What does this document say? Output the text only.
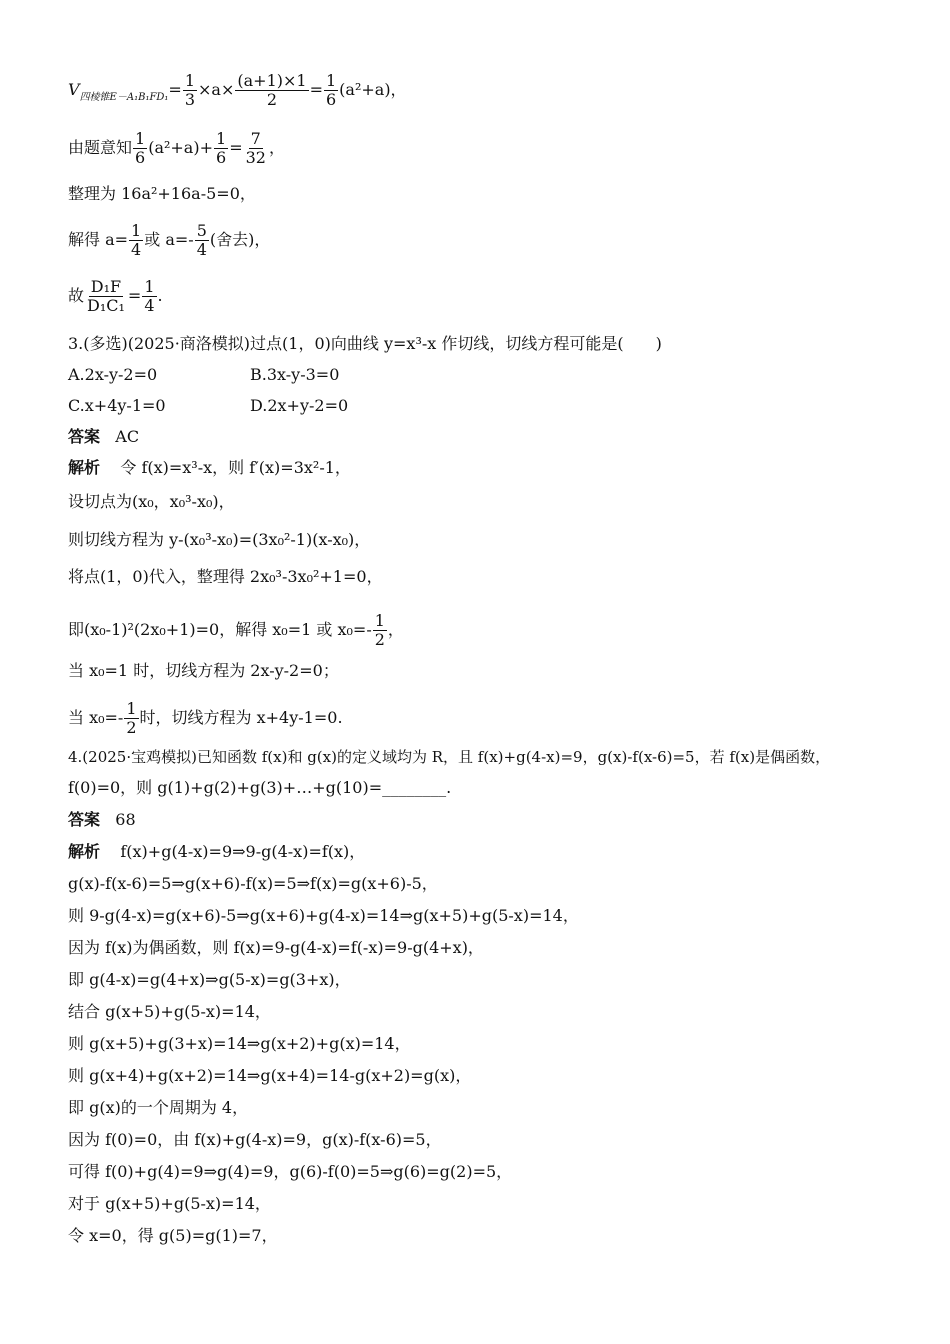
$V_{四棱锥E-A_1B_1FD_1}= \frac{1}{3} \times a\times \frac{(a+1)\times 1}{2} = \frac{1}{6} (a^2+a)$，
由题意知 $\frac{1}{6} (a^2+a)+ \frac{1}{6} = \frac{7}{32}$ ，
整理为 16a²+16a-5=0，
解得 $a= \frac{1}{4}$ 或 $a=- \frac{5}{4}$ (舍去)，
故 $\frac{\text{D₁F}}{\text{D₁C₁}} = \frac{1}{4}$ .
3.(多选)(2025·商洛模拟)过点(1，0)向曲线 y=x³-x 作切线，切线方程可能是(　　)
A.2x-y-2=0	B.3x-y-3=0
C.x+4y-1=0	D.2x+y-2=0
答案 AC
解析 令 f(x)=x³-x，则 f′(x)=3x²-1，
设切点为(x₀，x₀³-x₀)，
则切线方程为 y-(x₀³-x₀)=(3x₀²-1)(x-x₀)，
将点(1，0)代入，整理得 2x₀³-3x₀²+1=0，
即(x₀-1)²(2x₀+1)=0，解得 x₀=1 或 $x_0=- \frac{1}{2}$ ，
当 x₀=1 时，切线方程为 2x-y-2=0；
当 $x_0=- \frac{1}{2}$ 时，切线方程为 x+4y-1=0.
4.(2025·宝鸡模拟)已知函数 f(x)和 g(x)的定义域均为 R，且 f(x)+g(4-x)=9，g(x)-f(x-6)=5，若 f(x)是偶函数，
f(0)=0，则 g(1)+g(2)+g(3)+…+g(10)=________.
答案 68
解析 f(x)+g(4-x)=9⇒9-g(4-x)=f(x)，
g(x)-f(x-6)=5⇒g(x+6)-f(x)=5⇒f(x)=g(x+6)-5，
则 9-g(4-x)=g(x+6)-5⇒g(x+6)+g(4-x)=14⇒g(x+5)+g(5-x)=14，
因为 f(x)为偶函数，则 f(x)=9-g(4-x)=f(-x)=9-g(4+x)，
即 g(4-x)=g(4+x)⇒g(5-x)=g(3+x)，
结合 g(x+5)+g(5-x)=14，
则 g(x+5)+g(3+x)=14⇒g(x+2)+g(x)=14，
则 g(x+4)+g(x+2)=14⇒g(x+4)=14-g(x+2)=g(x)，
即 g(x)的一个周期为 4，
因为 f(0)=0，由 f(x)+g(4-x)=9，g(x)-f(x-6)=5，
可得 f(0)+g(4)=9⇒g(4)=9，g(6)-f(0)=5⇒g(6)=g(2)=5，
对于 g(x+5)+g(5-x)=14，
令 x=0，得 g(5)=g(1)=7，
